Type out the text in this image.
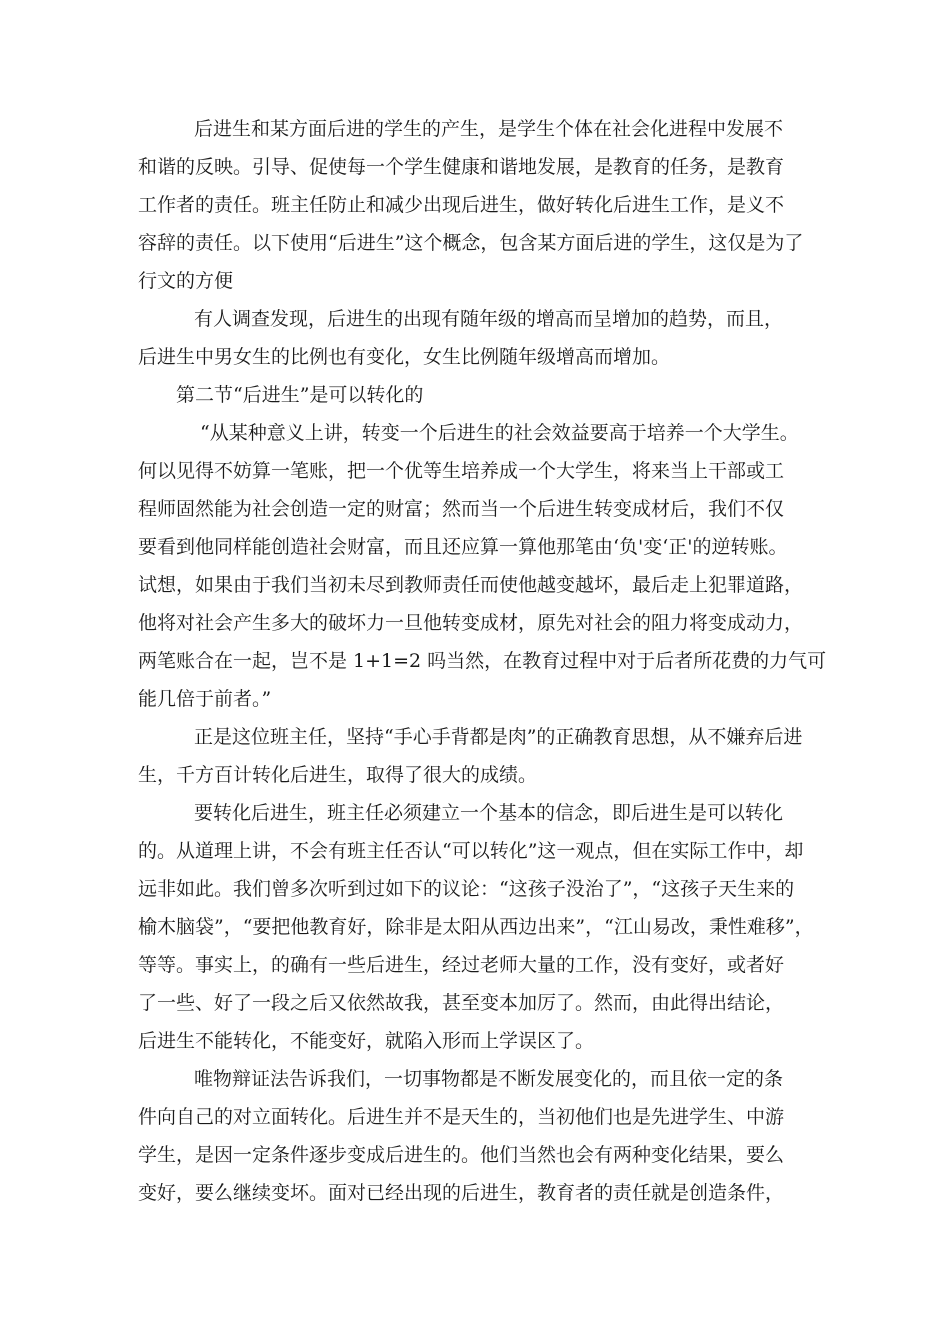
后进生和某方面后进的学生的产生，是学生个体在社会化进程中发展不
和谐的反映。引导、促使每一个学生健康和谐地发展，是教育的任务，是教育
工作者的责任。班主任防止和减少出现后进生，做好转化后进生工作，是义不
容辞的责任。以下使用“后进生”这个概念，包含某方面后进的学生，这仅是为了
行文的方便
有人调查发现，后进生的出现有随年级的增高而呈增加的趋势，而且，
后进生中男女生的比例也有变化，女生比例随年级增高而增加。
第二节“后进生”是可以转化的
“从某种意义上讲，转变一个后进生的社会效益要高于培养一个大学生。
何以见得不妨算一笔账，把一个优等生培养成一个大学生，将来当上干部或工
程师固然能为社会创造一定的财富；然而当一个后进生转变成材后，我们不仅
要看到他同样能创造社会财富，而且还应算一算他那笔由‘负'变‘正'的逆转账。
试想，如果由于我们当初未尽到教师责任而使他越变越坏，最后走上犯罪道路，
他将对社会产生多大的破坏力一旦他转变成材，原先对社会的阻力将变成动力，
两笔账合在一起，岂不是 1+1=2 吗当然，在教育过程中对于后者所花费的力气可
能几倍于前者。”
正是这位班主任，坚持“手心手背都是肉”的正确教育思想，从不嫌弃后进
生，千方百计转化后进生，取得了很大的成绩。
要转化后进生，班主任必须建立一个基本的信念，即后进生是可以转化
的。从道理上讲，不会有班主任否认“可以转化”这一观点，但在实际工作中，却
远非如此。我们曾多次听到过如下的议论：“这孩子没治了”，“这孩子天生来的
榆木脑袋”，“要把他教育好，除非是太阳从西边出来”，“江山易改，秉性难移”，
等等。事实上，的确有一些后进生，经过老师大量的工作，没有变好，或者好
了一些、好了一段之后又依然故我，甚至变本加厉了。然而，由此得出结论，
后进生不能转化，不能变好，就陷入形而上学误区了。
唯物辩证法告诉我们，一切事物都是不断发展变化的，而且依一定的条
件向自己的对立面转化。后进生并不是天生的，当初他们也是先进学生、中游
学生，是因一定条件逐步变成后进生的。他们当然也会有两种变化结果，要么
变好，要么继续变坏。面对已经出现的后进生，教育者的责任就是创造条件，
